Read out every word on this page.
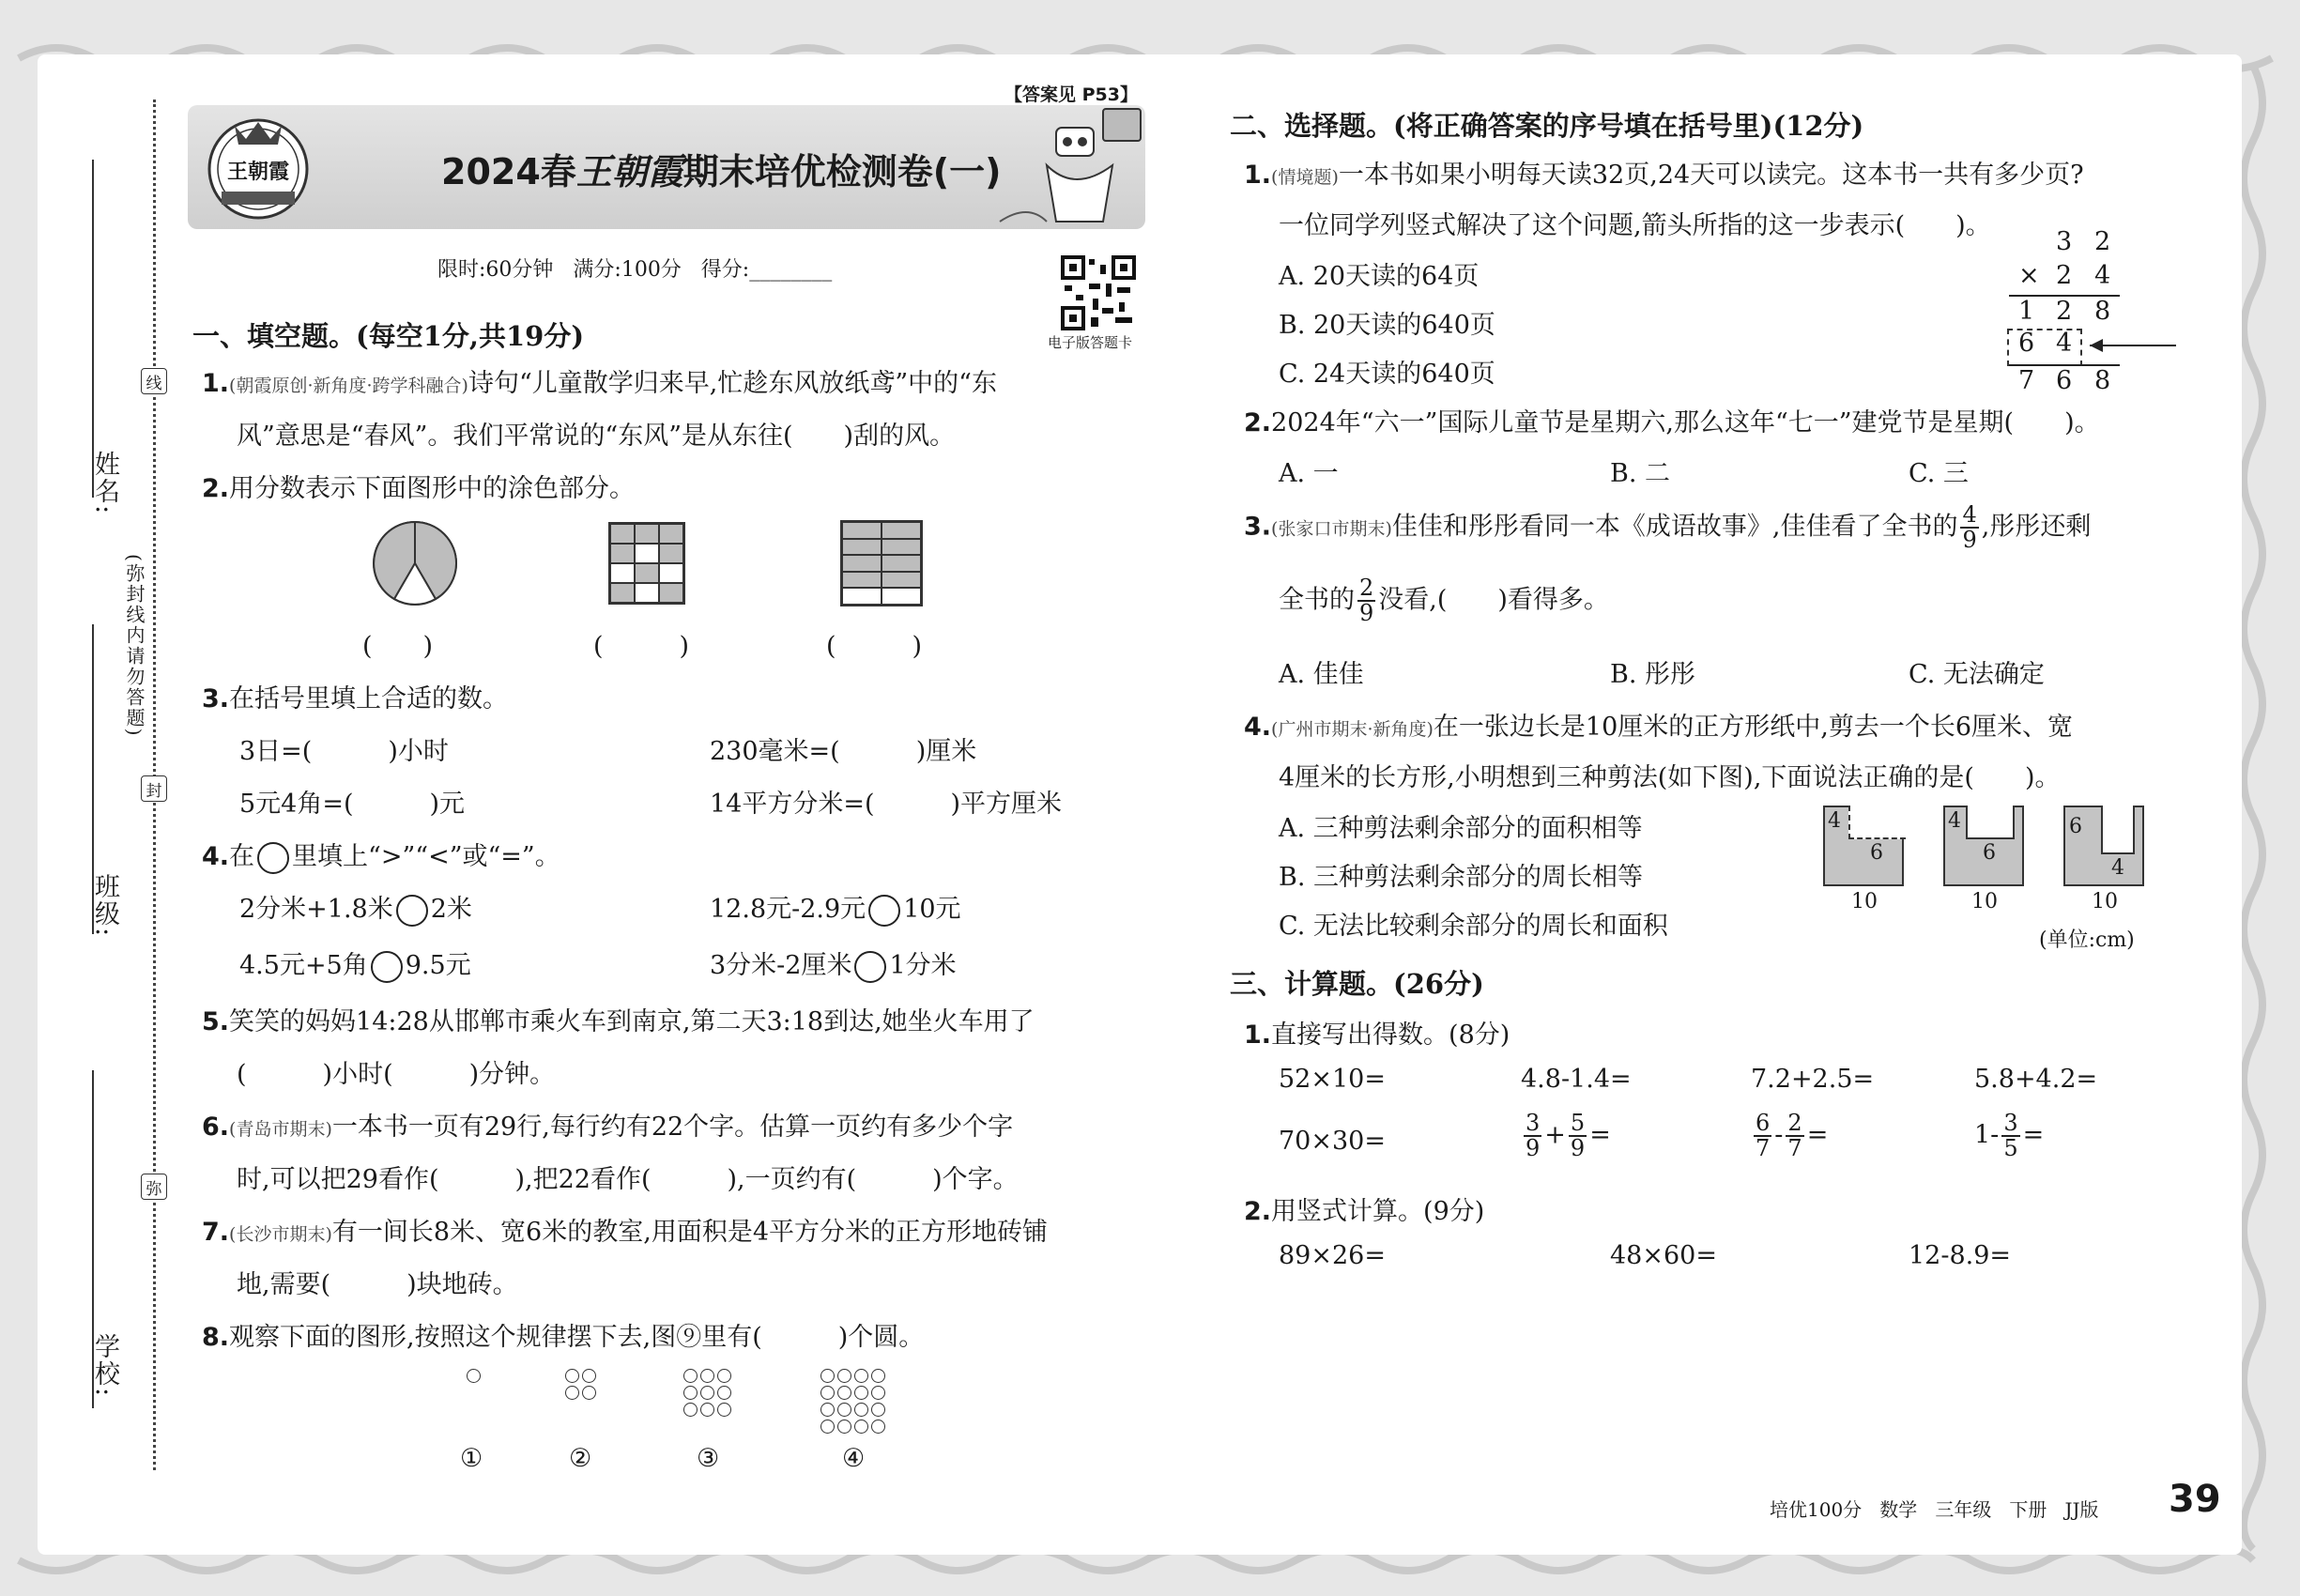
线
封
弥
(弥封线内请勿答题)
姓名:
班级:
学校:
【答案见 P53】
王朝霞	2024春王朝霞期末培优检测卷(一)
限时:60分钟 满分:100分 得分:________
电子版答题卡
一、填空题。(每空1分,共19分)
1.(朝霞原创·新角度·跨学科融合)诗句“儿童散学归来早,忙趁东风放纸鸢”中的“东
风”意思是“春风”。我们平常说的“东风”是从东往(　　)刮的风。
2.用分数表示下面图形中的涂色部分。
(　　)	(　　　)	(　　　)
3.在括号里填上合适的数。
3日=(　　　)小时	230毫米=(　　　)厘米
5元4角=(　　　)元	14平方分米=(　　　)平方厘米
4.在 里填上“>”“<”或“=”。
2分米+1.8米 2米	12.8元-2.9元 10元
4.5元+5角 9.5元	3分米-2厘米 1分米
5.笑笑的妈妈14:28从邯郸市乘火车到南京,第二天3:18到达,她坐火车用了
(　　　)小时(　　　)分钟。
6.(青岛市期末)一本书一页有29行,每行约有22个字。估算一页约有多少个字
时,可以把29看作(　　　),把22看作(　　　),一页约有(　　　)个字。
7.(长沙市期末)有一间长8米、宽6米的教室,用面积是4平方分米的正方形地砖铺
地,需要(　　　)块地砖。
8.观察下面的图形,按照这个规律摆下去,图⑨里有(　　　)个圆。
①	②	③	④
二、选择题。(将正确答案的序号填在括号里)(12分)
1.(情境题)一本书如果小明每天读32页,24天可以读完。这本书一共有多少页?
一位同学列竖式解决了这个问题,箭头所指的这一步表示(　　)。
A. 20天读的64页
B. 20天读的640页
C. 24天读的640页
3 2
× 2 4
1 2 8
6 4
7 6 8
2.2024年“六一”国际儿童节是星期六,那么这年“七一”建党节是星期(　　)。
A. 一	B. 二	C. 三
3.(张家口市期末)佳佳和彤彤看同一本《成语故事》,佳佳看了全书的 $\frac{4}{9}$ ,彤彤还剩
全书的 $\frac{2}{9}$ 没看,(　　)看得多。
A. 佳佳	B. 彤彤	C. 无法确定
4.(广州市期末·新角度)在一张边长是10厘米的正方形纸中,剪去一个长6厘米、宽
4厘米的长方形,小明想到三种剪法(如下图),下面说法正确的是(　　)。
A. 三种剪法剩余部分的面积相等
B. 三种剪法剩余部分的周长相等
C. 无法比较剩余部分的周长和面积
4
6
4
6
6
4
10	10	10
(单位:cm)
三、计算题。(26分)
1.直接写出得数。(8分)
52×10=	4.8-1.4=	7.2+2.5=	5.8+4.2=
70×30=	$\frac{3}{9} + \frac{5}{9}$ =	$\frac{6}{7} - \frac{2}{7}$ =	$1- \frac{3}{5}$ =
2.用竖式计算。(9分)
89×26=	48×60=	12-8.9=
培优100分 数学 三年级 下册 JJ版 39
